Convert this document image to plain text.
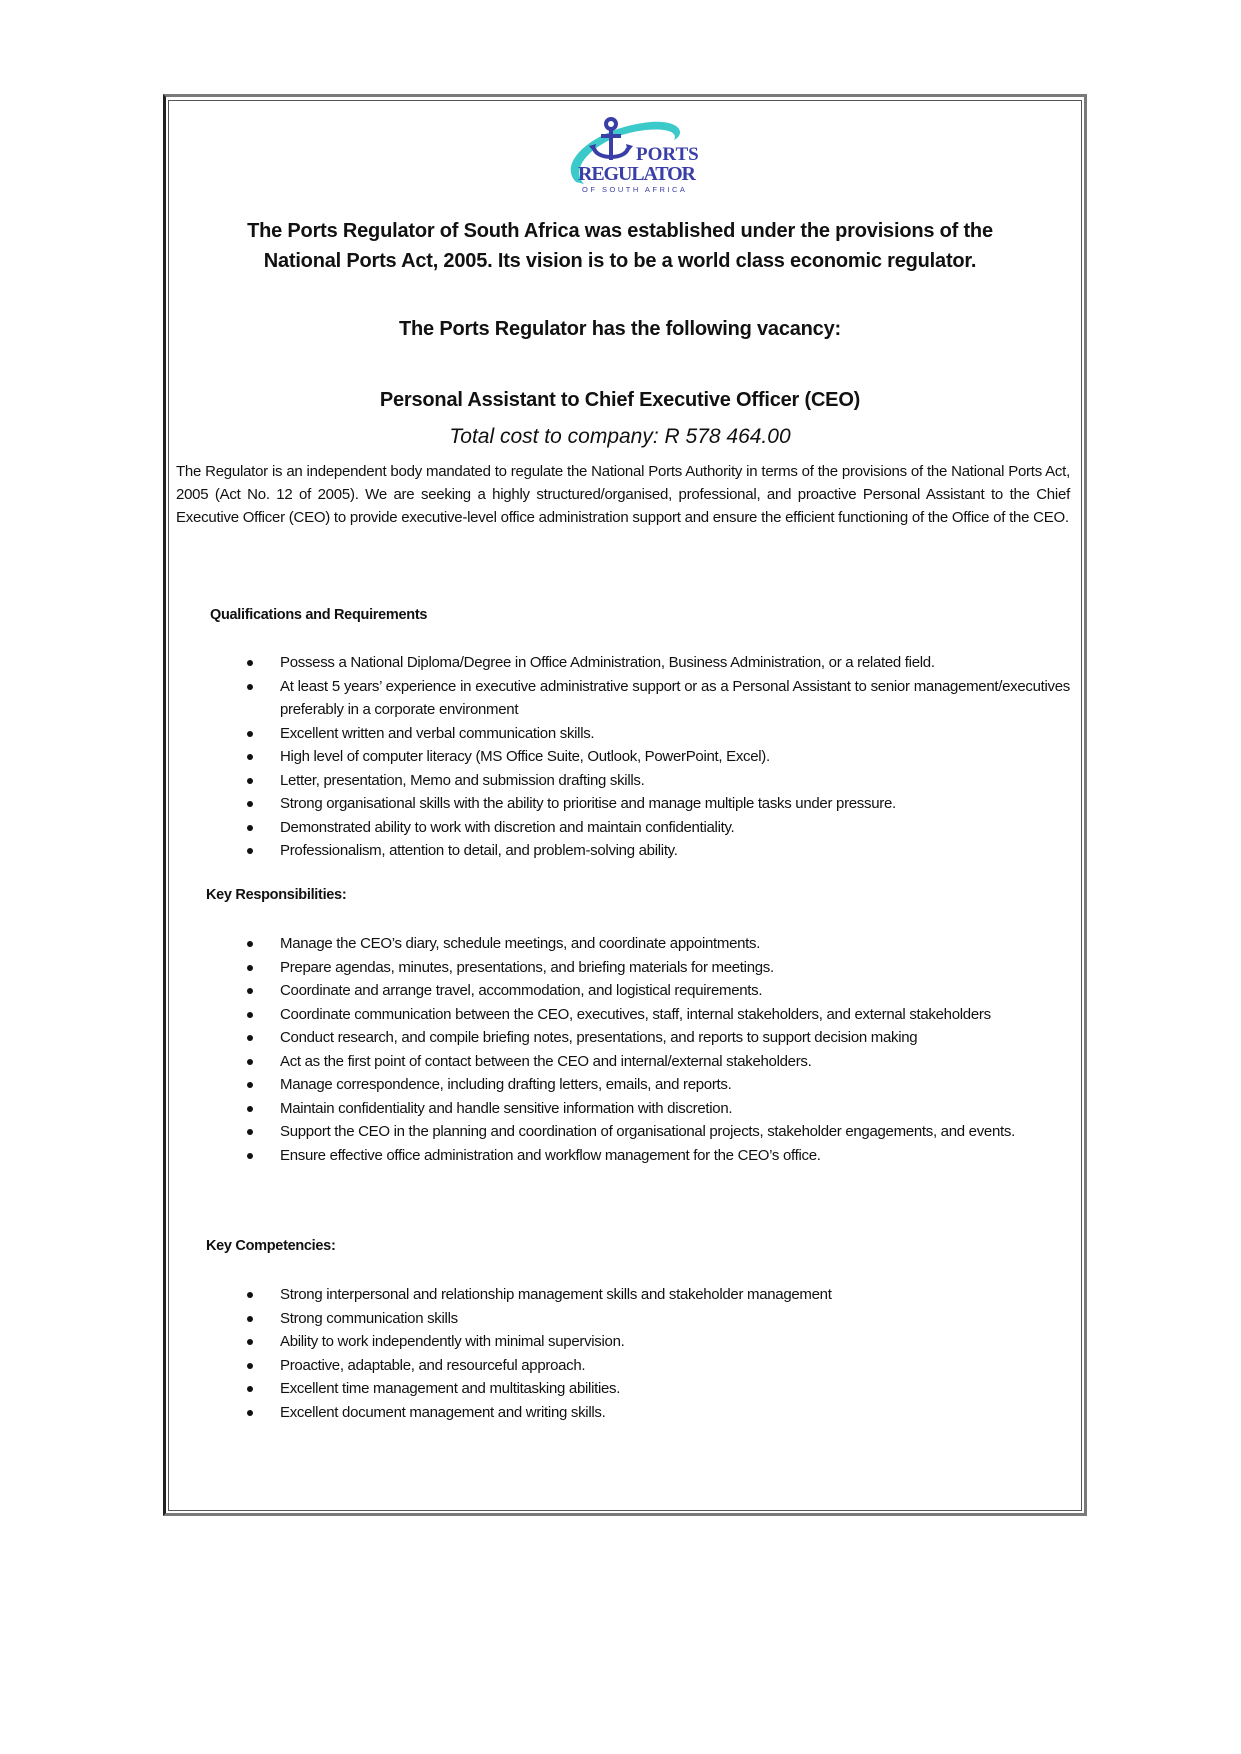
PORTS
REGULATOR
OF SOUTH AFRICA
The Ports Regulator of South Africa was established under the provisions of the
National Ports Act, 2005. Its vision is to be a world class economic regulator.
The Ports Regulator has the following vacancy:
Personal Assistant to Chief Executive Officer (CEO)
Total cost to company: R 578 464.00
The Regulator is an independent body mandated to regulate the National Ports Authority in terms of the provisions of the National Ports Act, 2005 (Act No. 12 of 2005). We are seeking a highly structured/organised, professional, and proactive Personal Assistant to the Chief Executive Officer (CEO) to provide executive-level office administration support and ensure the efficient functioning of the Office of the CEO.
Qualifications and Requirements
Possess a National Diploma/Degree in Office Administration, Business Administration, or a related field.
At least 5 years’ experience in executive administrative support or as a Personal Assistant to senior management/executives preferably in a corporate environment
Excellent written and verbal communication skills.
High level of computer literacy (MS Office Suite, Outlook, PowerPoint, Excel).
Letter, presentation, Memo and submission drafting skills.
Strong organisational skills with the ability to prioritise and manage multiple tasks under pressure.
Demonstrated ability to work with discretion and maintain confidentiality.
Professionalism, attention to detail, and problem-solving ability.
Key Responsibilities:
Manage the CEO’s diary, schedule meetings, and coordinate appointments.
Prepare agendas, minutes, presentations, and briefing materials for meetings.
Coordinate and arrange travel, accommodation, and logistical requirements.
Coordinate communication between the CEO, executives, staff, internal stakeholders, and external stakeholders
Conduct research, and compile briefing notes, presentations, and reports to support decision making
Act as the first point of contact between the CEO and internal/external stakeholders.
Manage correspondence, including drafting letters, emails, and reports.
Maintain confidentiality and handle sensitive information with discretion.
Support the CEO in the planning and coordination of organisational projects, stakeholder engagements, and events.
Ensure effective office administration and workflow management for the CEO’s office.
Key Competencies:
Strong interpersonal and relationship management skills and stakeholder management
Strong communication skills
Ability to work independently with minimal supervision.
Proactive, adaptable, and resourceful approach.
Excellent time management and multitasking abilities.
Excellent document management and writing skills.
